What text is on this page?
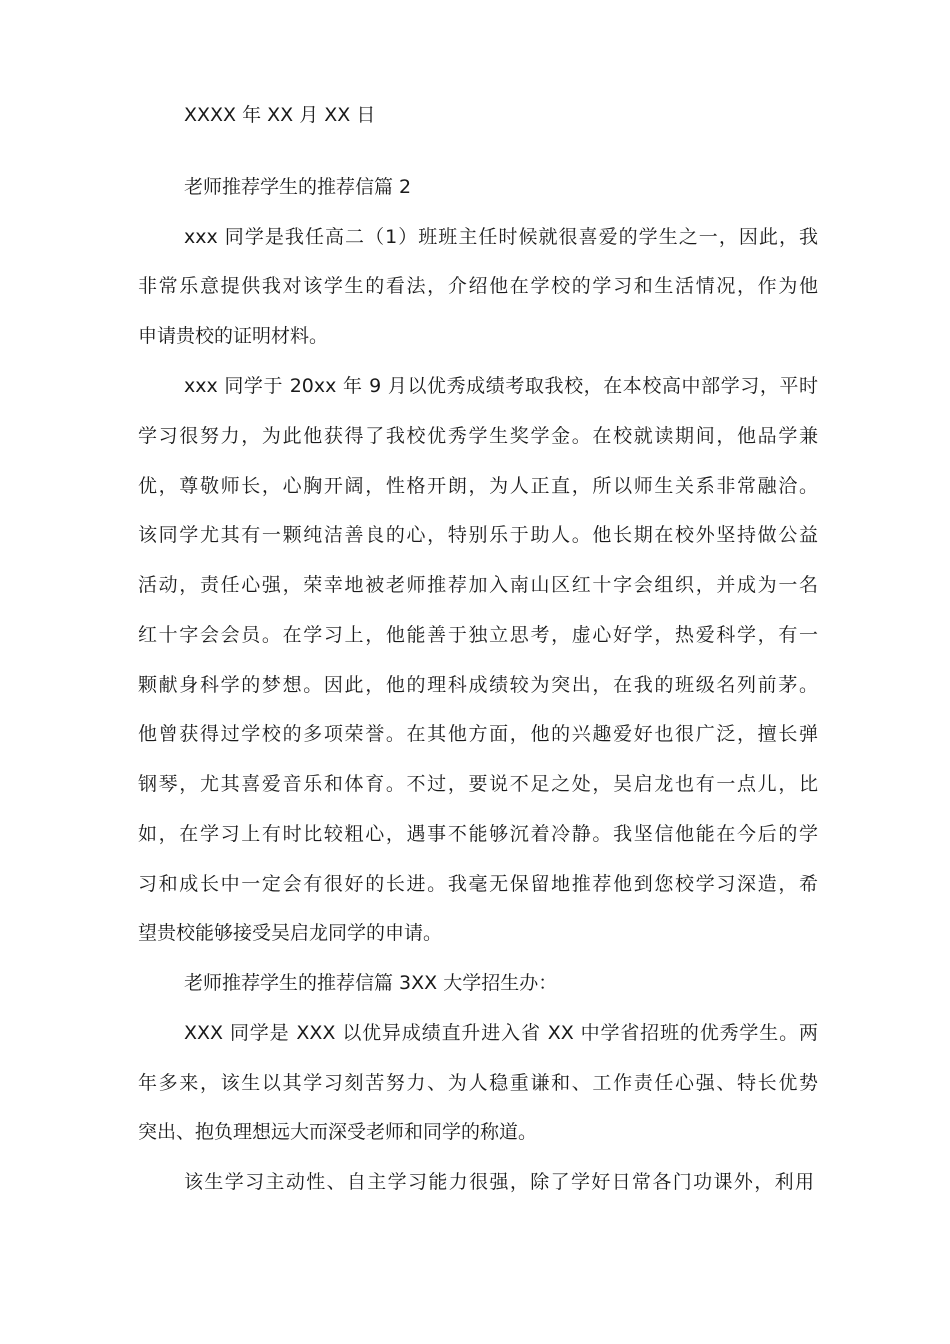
XXXX 年 XX 月 XX 日
老师推荐学生的推荐信篇 2
xxx 同学是我任高二（1）班班主任时候就很喜爱的学生之一，因此，我
非常乐意提供我对该学生的看法，介绍他在学校的学习和生活情况，作为他
申请贵校的证明材料。
xxx 同学于 20xx 年 9 月以优秀成绩考取我校，在本校高中部学习，平时
学习很努力，为此他获得了我校优秀学生奖学金。在校就读期间，他品学兼
优，尊敬师长，心胸开阔，性格开朗，为人正直，所以师生关系非常融洽。
该同学尤其有一颗纯洁善良的心，特别乐于助人。他长期在校外坚持做公益
活动，责任心强，荣幸地被老师推荐加入南山区红十字会组织，并成为一名
红十字会会员。在学习上，他能善于独立思考，虚心好学，热爱科学，有一
颗献身科学的梦想。因此，他的理科成绩较为突出，在我的班级名列前茅。
他曾获得过学校的多项荣誉。在其他方面，他的兴趣爱好也很广泛，擅长弹
钢琴，尤其喜爱音乐和体育。不过，要说不足之处，吴启龙也有一点儿，比
如，在学习上有时比较粗心，遇事不能够沉着冷静。我坚信他能在今后的学
习和成长中一定会有很好的长进。我毫无保留地推荐他到您校学习深造，希
望贵校能够接受吴启龙同学的申请。
老师推荐学生的推荐信篇 3XX 大学招生办：
XXX 同学是 XXX 以优异成绩直升进入省 XX 中学省招班的优秀学生。两
年多来，该生以其学习刻苦努力、为人稳重谦和、工作责任心强、特长优势
突出、抱负理想远大而深受老师和同学的称道。
该生学习主动性、自主学习能力很强，除了学好日常各门功课外，利用
